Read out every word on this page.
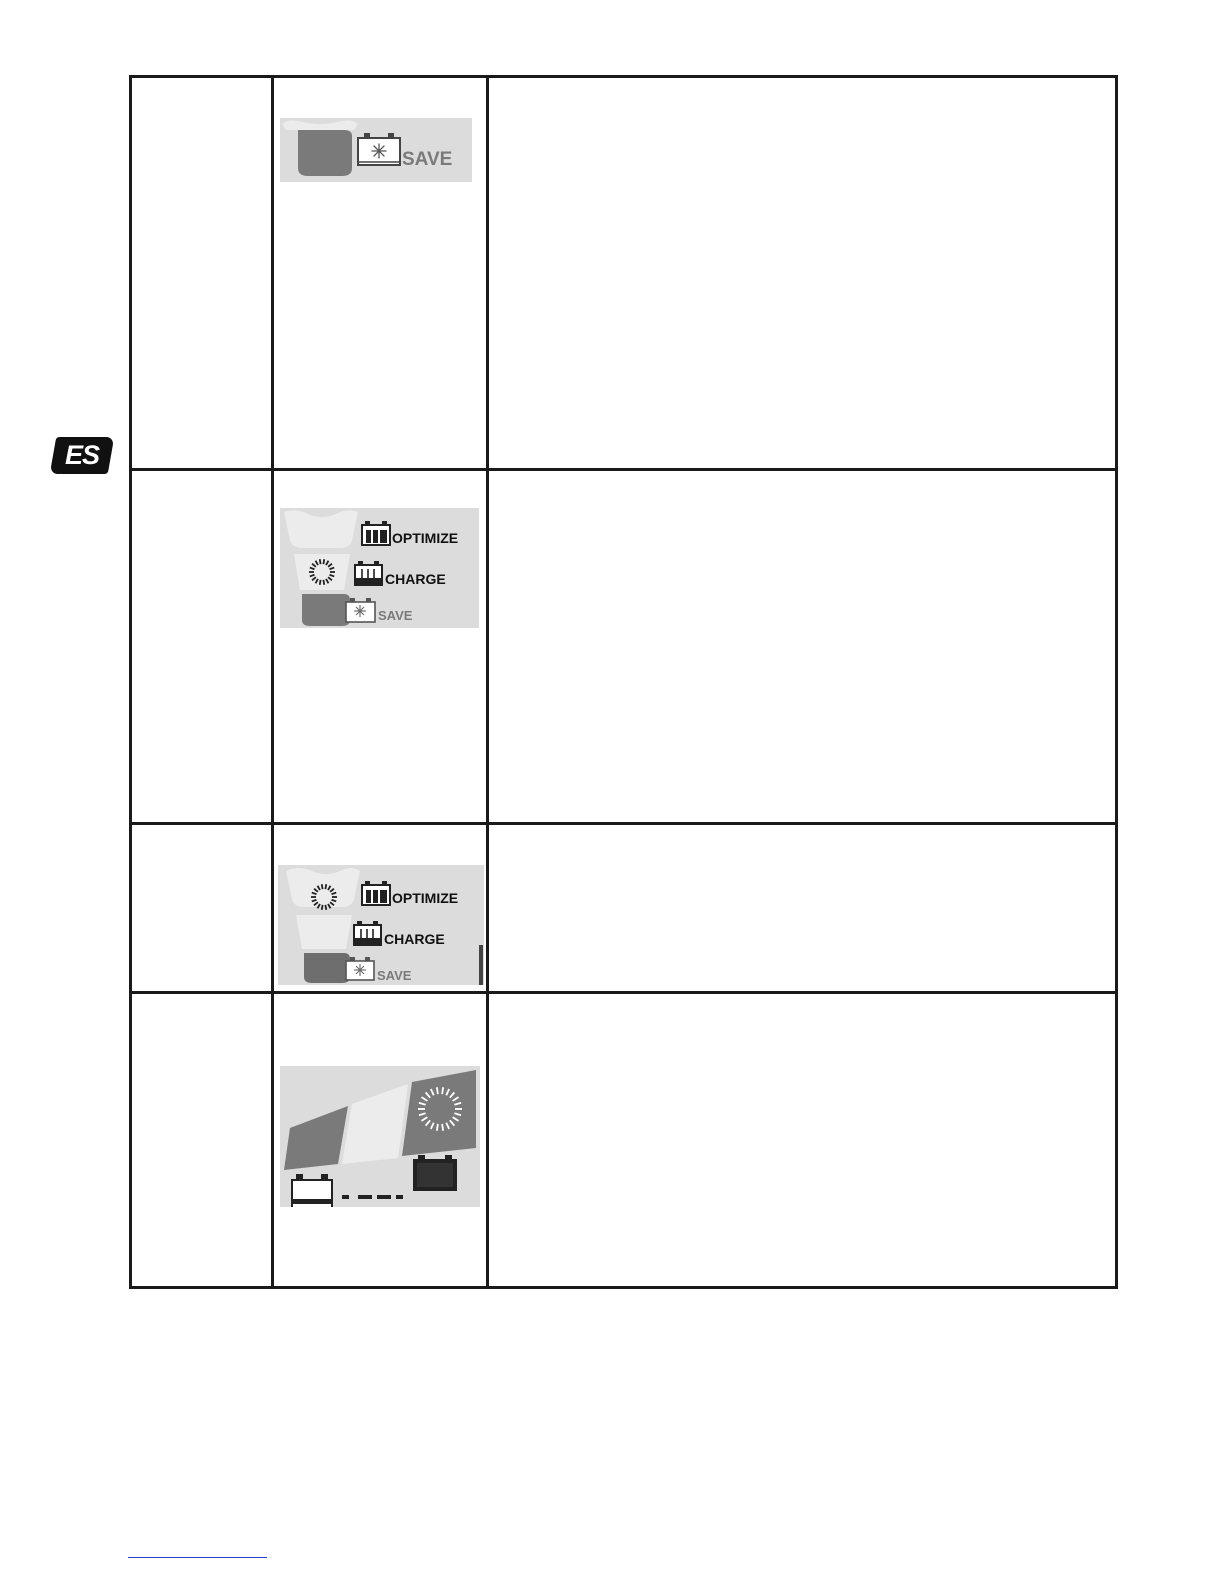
ES

SAVE	

OPTIMIZE
CHARGE
SAVE	

OPTIMIZE
CHARGE
SAVE	
